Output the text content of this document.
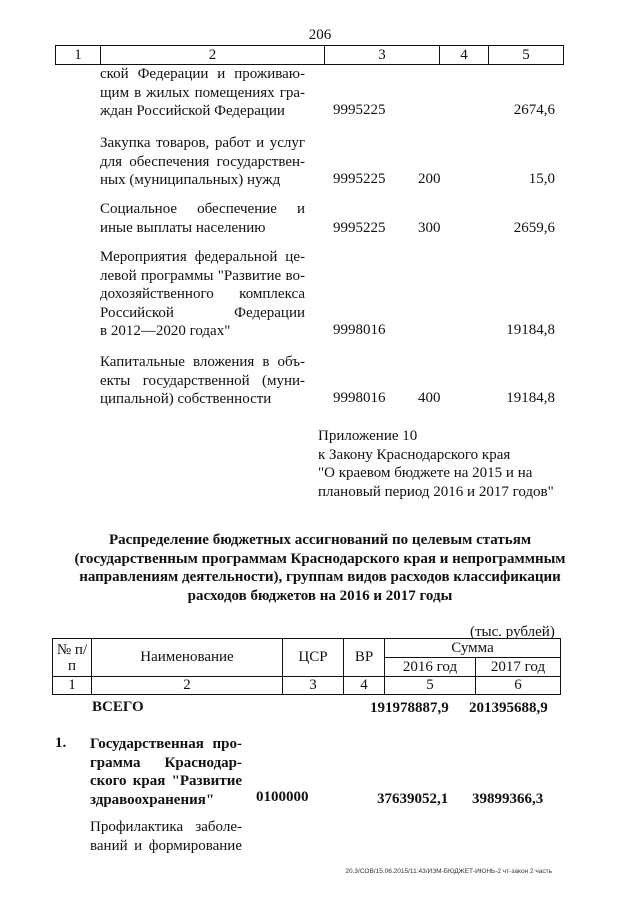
206
1	2	3	4	5
ской Федерации и проживаю-
щим в жилых помещениях гра-
ждан Российской Федерации	9995225	2674,6
Закупка товаров, работ и услуг
для обеспечения государствен-
ных (муниципальных) нужд	9995225 200	15,0
Социальное обеспечение и
иные выплаты населению	9995225 300	2659,6
Мероприятия федеральной це-
левой программы "Развитие во-
дохозяйственного комплекса
Российской Федерации
в 2012—2020 годах"	9998016	19184,8
Капитальные вложения в объ-
екты государственной (муни-
ципальной) собственности	9998016 400	19184,8
Приложение 10
к Закону Краснодарского края
"О краевом бюджете на 2015 и на
плановый период 2016 и 2017 годов"
Распределение бюджетных ассигнований по целевым статьям
(государственным программам Краснодарского края и непрограммным
направлениям деятельности), группам видов расходов классификации
расходов бюджетов на 2016 и 2017 годы
(тыс. рублей)
№ п/п	Наименование	ЦСР	ВР	Сумма	
				2016 год	2017 год
1	2	3	4	5	6
ВСЕГО	191978887,9 201395688,9
1. Государственная про-
грамма Краснодар-
ского края "Развитие
здравоохранения"	0100000	37639052,1 39899366,3
Профилактика заболе-
ваний и формирование
20.3/СОВ/15.06.2015/11:43/ИЗМ-БЮДЖЕТ-ИЮНЬ-2 чт-закон 2 часть
